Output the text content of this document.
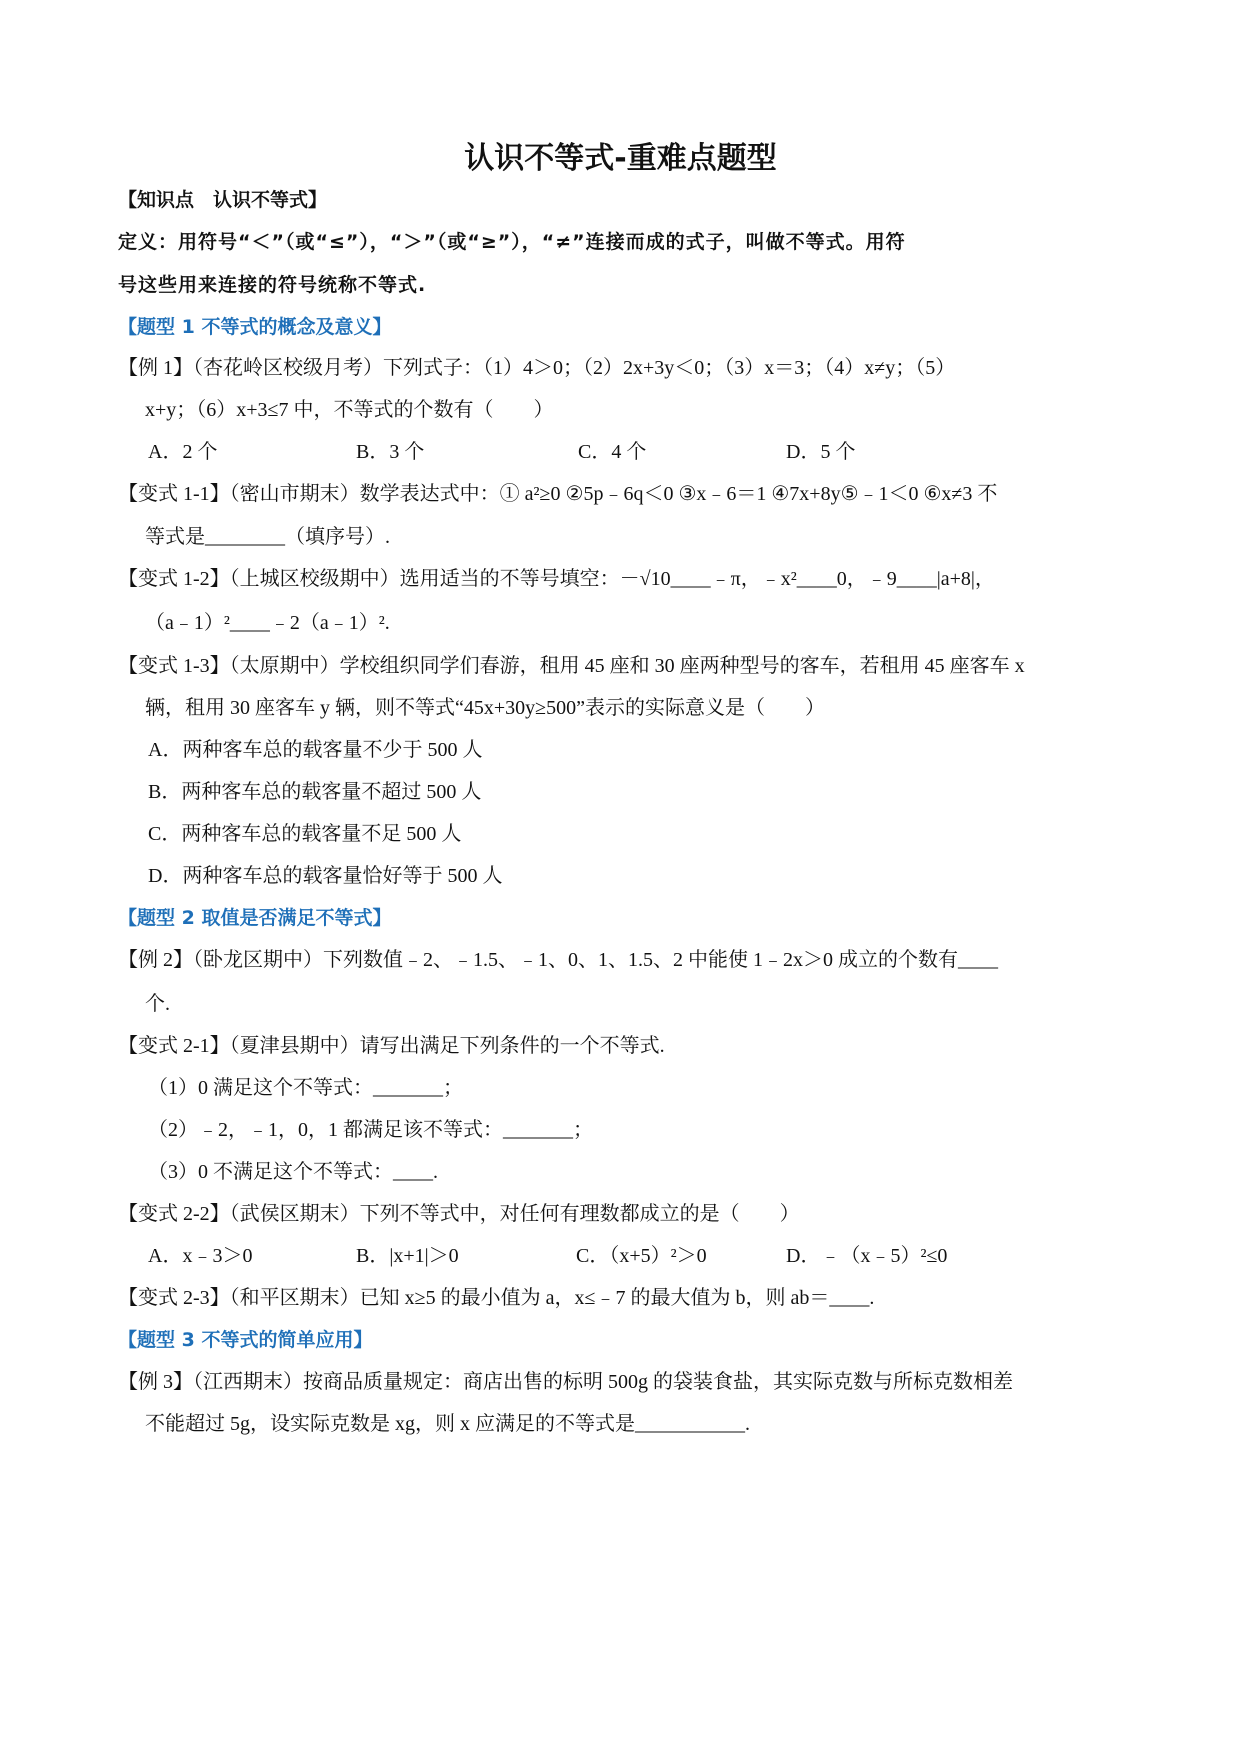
认识不等式-重难点题型
【知识点　认识不等式】
定义：用符号“＜”（或“≤”），“＞”（或“≥”），“≠”连接而成的式子，叫做不等式。用符
号这些用来连接的符号统称不等式.
【题型 1 不等式的概念及意义】
【例 1】（杏花岭区校级月考）下列式子：（1）4＞0；（2）2x+3y＜0；（3）x＝3；（4）x≠y；（5）
x+y；（6）x+3≤7 中，不等式的个数有（　　）
A．2 个	B．3 个	C．4 个	D．5 个
【变式 1-1】（密山市期末）数学表达式中：① a²≥0 ②5p﹣6q＜0 ③x﹣6＝1 ④7x+8y⑤﹣1＜0 ⑥x≠3 不
等式是________（填序号）.
【变式 1-2】（上城区校级期中）选用适当的不等号填空：－√10____﹣π，﹣x²____0，﹣9____|a+8|，
（a﹣1）²____﹣2（a﹣1）².
【变式 1-3】（太原期中）学校组织同学们春游，租用 45 座和 30 座两种型号的客车，若租用 45 座客车 x
辆，租用 30 座客车 y 辆，则不等式“45x+30y≥500”表示的实际意义是（　　）
A．两种客车总的载客量不少于 500 人
B．两种客车总的载客量不超过 500 人
C．两种客车总的载客量不足 500 人
D．两种客车总的载客量恰好等于 500 人
【题型 2 取值是否满足不等式】
【例 2】（卧龙区期中）下列数值﹣2、﹣1.5、﹣1、0、1、1.5、2 中能使 1﹣2x＞0 成立的个数有____
个.
【变式 2-1】（夏津县期中）请写出满足下列条件的一个不等式.
（1）0 满足这个不等式：_______；
（2）﹣2，﹣1，0，1 都满足该不等式：_______；
（3）0 不满足这个不等式：____.
【变式 2-2】（武侯区期末）下列不等式中，对任何有理数都成立的是（　　）
A．x﹣3＞0	B．|x+1|＞0	C．（x+5）²＞0	D．﹣（x﹣5）²≤0
【变式 2-3】（和平区期末）已知 x≥5 的最小值为 a，x≤﹣7 的最大值为 b，则 ab＝____.
【题型 3 不等式的简单应用】
【例 3】（江西期末）按商品质量规定：商店出售的标明 500g 的袋装食盐，其实际克数与所标克数相差
不能超过 5g，设实际克数是 xg，则 x 应满足的不等式是___________.
